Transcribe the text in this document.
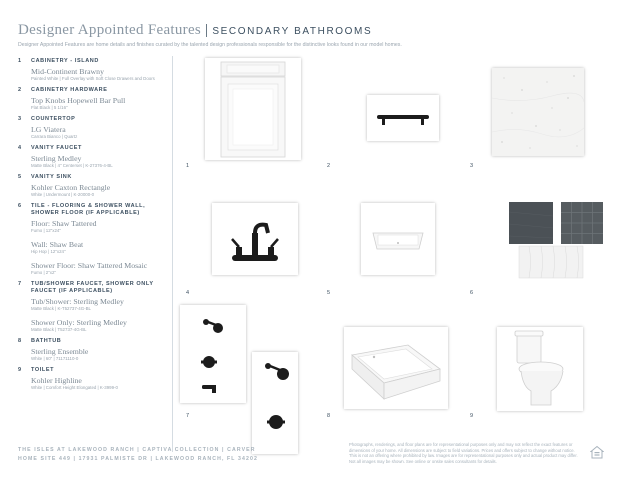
Designer Appointed Features | SECONDARY BATHROOMS
Designer Appointed Features are home details and finishes curated by the talented design professionals responsible for the distinctive looks found in our model homes.
1 CABINETRY - ISLAND
Mid-Continent Brawny
Painted White | Full Overlay with Soft Close Drawers and Doors
2 CABINETRY HARDWARE
Top Knobs Hopewell Bar Pull
Flat Black | 5 1/16"
3 COUNTERTOP
LG Viatera
Carrara Bianco | Quartz
4 VANITY FAUCET
Sterling Medley
Matte Black | 4" Centerset | K-27376-4-BL
5 VANITY SINK
Kohler Caxton Rectangle
White | Undermount | K-20000-0
6 TILE - FLOORING & SHOWER WALL, SHOWER FLOOR (IF APPLICABLE)
Floor: Shaw Tattered
Fumo | 12"x24"
Wall: Shaw Beat
Hip Hop | 12"x24"
Shower Floor: Shaw Tattered Mosaic
Fumo | 2"x2"
7 TUB/SHOWER FAUCET, SHOWER ONLY FAUCET (IF APPLICABLE)
Tub/Shower: Sterling Medley
Matte Black | K-T52737-4G-BL
Shower Only: Sterling Medley
Matte Black | T52737-4G-BL
8 BATHTUB
Sterling Ensemble
White | 60" | 71171110-0
9 TOILET
Kohler Highline
White | Comfort Height Elongated | K-3999-0
1	2	3
4	5	6
7	8	9
THE ISLES AT LAKEWOOD RANCH | CAPTIVA COLLECTION | CARVER
HOME SITE 449 | 17931 PALMISTE DR | LAKEWOOD RANCH, FL 34202
Photographs, renderings, and floor plans are for representational purposes only and may not reflect the exact features or dimensions of your home. All dimensions are subject to field variations. Prices and offers subject to change without notice. This is not an offering where prohibited by law. Images are for representational purposes only and actual product may differ. Not all images may be shown. See online or onsite sales consultants for details.
